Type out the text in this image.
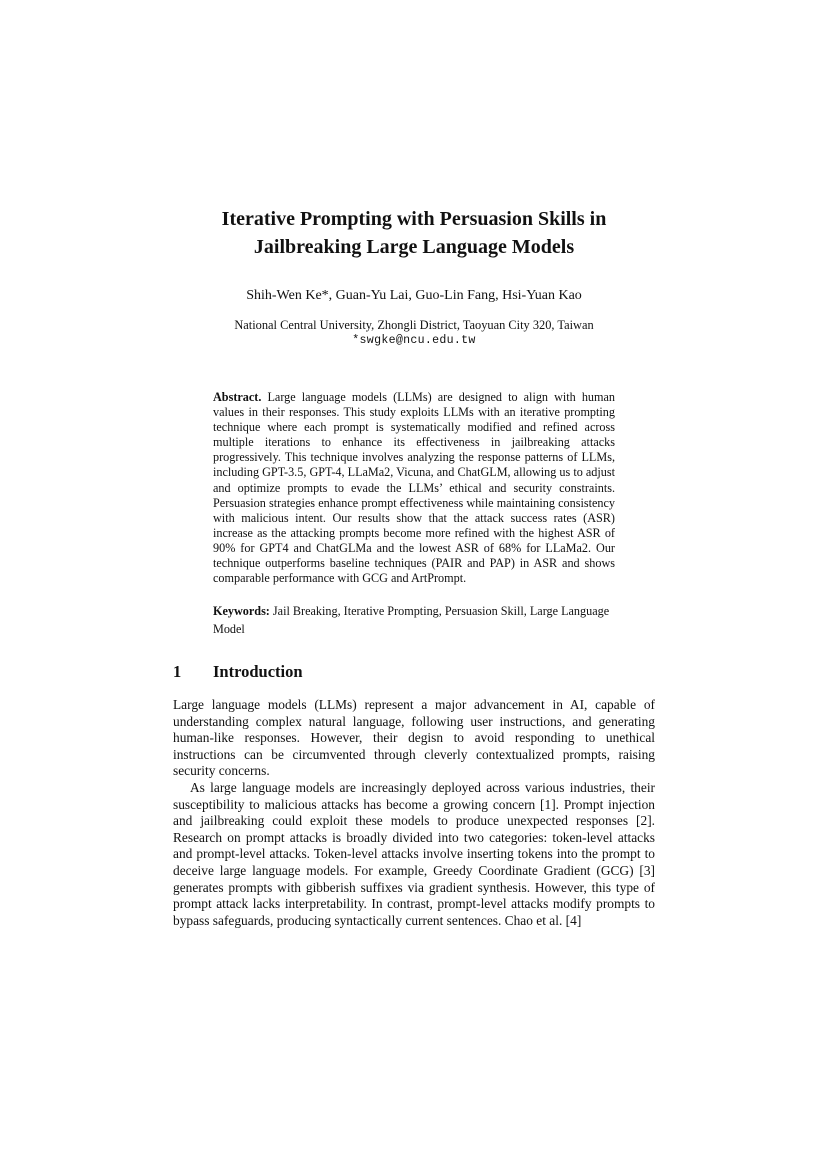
Iterative Prompting with Persuasion Skills in
Jailbreaking Large Language Models
Shih-Wen Ke*, Guan-Yu Lai, Guo-Lin Fang, Hsi-Yuan Kao
National Central University, Zhongli District, Taoyuan City 320, Taiwan
*swgke@ncu.edu.tw
Abstract. Large language models (LLMs) are designed to align with human values in their responses. This study exploits LLMs with an iterative prompting technique where each prompt is systematically modified and refined across multiple iterations to enhance its effectiveness in jailbreaking attacks progressively. This technique involves analyzing the response patterns of LLMs, including GPT-3.5, GPT-4, LLaMa2, Vicuna, and ChatGLM, allowing us to adjust and optimize prompts to evade the LLMs’ ethical and security constraints. Persuasion strategies enhance prompt effectiveness while maintaining consistency with malicious intent. Our results show that the attack success rates (ASR) increase as the attacking prompts become more refined with the highest ASR of 90% for GPT4 and ChatGLMa and the lowest ASR of 68% for LLaMa2. Our technique outperforms baseline techniques (PAIR and PAP) in ASR and shows comparable performance with GCG and ArtPrompt.
Keywords: Jail Breaking, Iterative Prompting, Persuasion Skill, Large Language Model
1 Introduction

Large language models (LLMs) represent a major advancement in AI, capable of understanding complex natural language, following user instructions, and generating human-like responses. However, their degisn to avoid responding to unethical instructions can be circumvented through cleverly contextualized prompts, raising security concerns.

As large language models are increasingly deployed across various industries, their susceptibility to malicious attacks has become a growing concern [1]. Prompt injection and jailbreaking could exploit these models to produce unexpected responses [2]. Research on prompt attacks is broadly divided into two categories: token-level attacks and prompt-level attacks. Token-level attacks involve inserting tokens into the prompt to deceive large language models. For example, Greedy Coordinate Gradient (GCG) [3] generates prompts with gibberish suffixes via gradient synthesis. However, this type of prompt attack lacks interpretability. In contrast, prompt-level attacks modify prompts to bypass safeguards, producing syntactically current sentences. Chao et al. [4]
